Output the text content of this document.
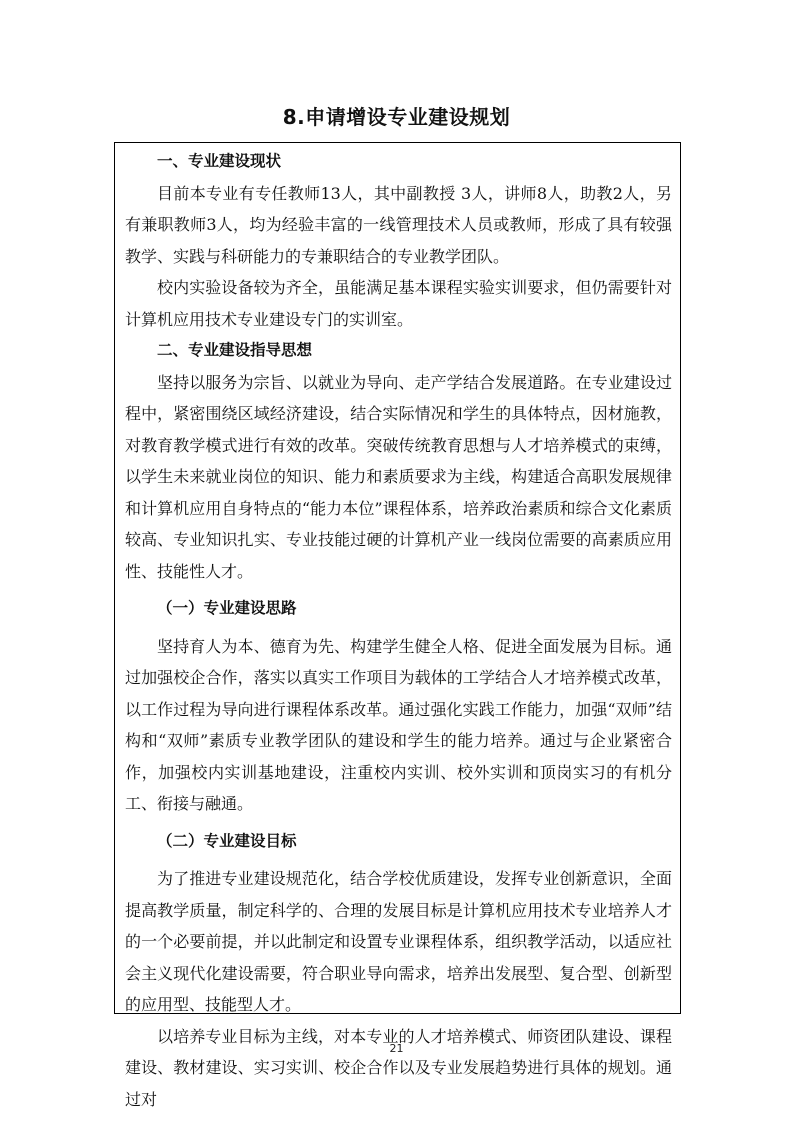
8.申请增设专业建设规划

一、专业建设现状

目前本专业有专任教师13人，其中副教授 3人，讲师8人，助教2人，另有兼职教师3人，均为经验丰富的一线管理技术人员或教师，形成了具有较强教学、实践与科研能力的专兼职结合的专业教学团队。

校内实验设备较为齐全，虽能满足基本课程实验实训要求，但仍需要针对计算机应用技术专业建设专门的实训室。

二、专业建设指导思想

坚持以服务为宗旨、以就业为导向、走产学结合发展道路。在专业建设过程中，紧密围绕区域经济建设，结合实际情况和学生的具体特点，因材施教，对教育教学模式进行有效的改革。突破传统教育思想与人才培养模式的束缚，以学生未来就业岗位的知识、能力和素质要求为主线，构建适合高职发展规律和计算机应用自身特点的“能力本位”课程体系，培养政治素质和综合文化素质较高、专业知识扎实、专业技能过硬的计算机产业一线岗位需要的高素质应用性、技能性人才。

（一）专业建设思路

坚持育人为本、德育为先、构建学生健全人格、促进全面发展为目标。通过加强校企合作，落实以真实工作项目为载体的工学结合人才培养模式改革，以工作过程为导向进行课程体系改革。通过强化实践工作能力，加强“双师”结构和“双师”素质专业教学团队的建设和学生的能力培养。通过与企业紧密合作，加强校内实训基地建设，注重校内实训、校外实训和顶岗实习的有机分工、衔接与融通。

（二）专业建设目标

为了推进专业建设规范化，结合学校优质建设，发挥专业创新意识，全面提高教学质量，制定科学的、合理的发展目标是计算机应用技术专业培养人才的一个必要前提，并以此制定和设置专业课程体系，组织教学活动，以适应社会主义现代化建设需要，符合职业导向需求，培养出发展型、复合型、创新型的应用型、技能型人才。

以培养专业目标为主线，对本专业的人才培养模式、师资团队建设、课程建设、教材建设、实习实训、校企合作以及专业发展趋势进行具体的规划。通过对

21
